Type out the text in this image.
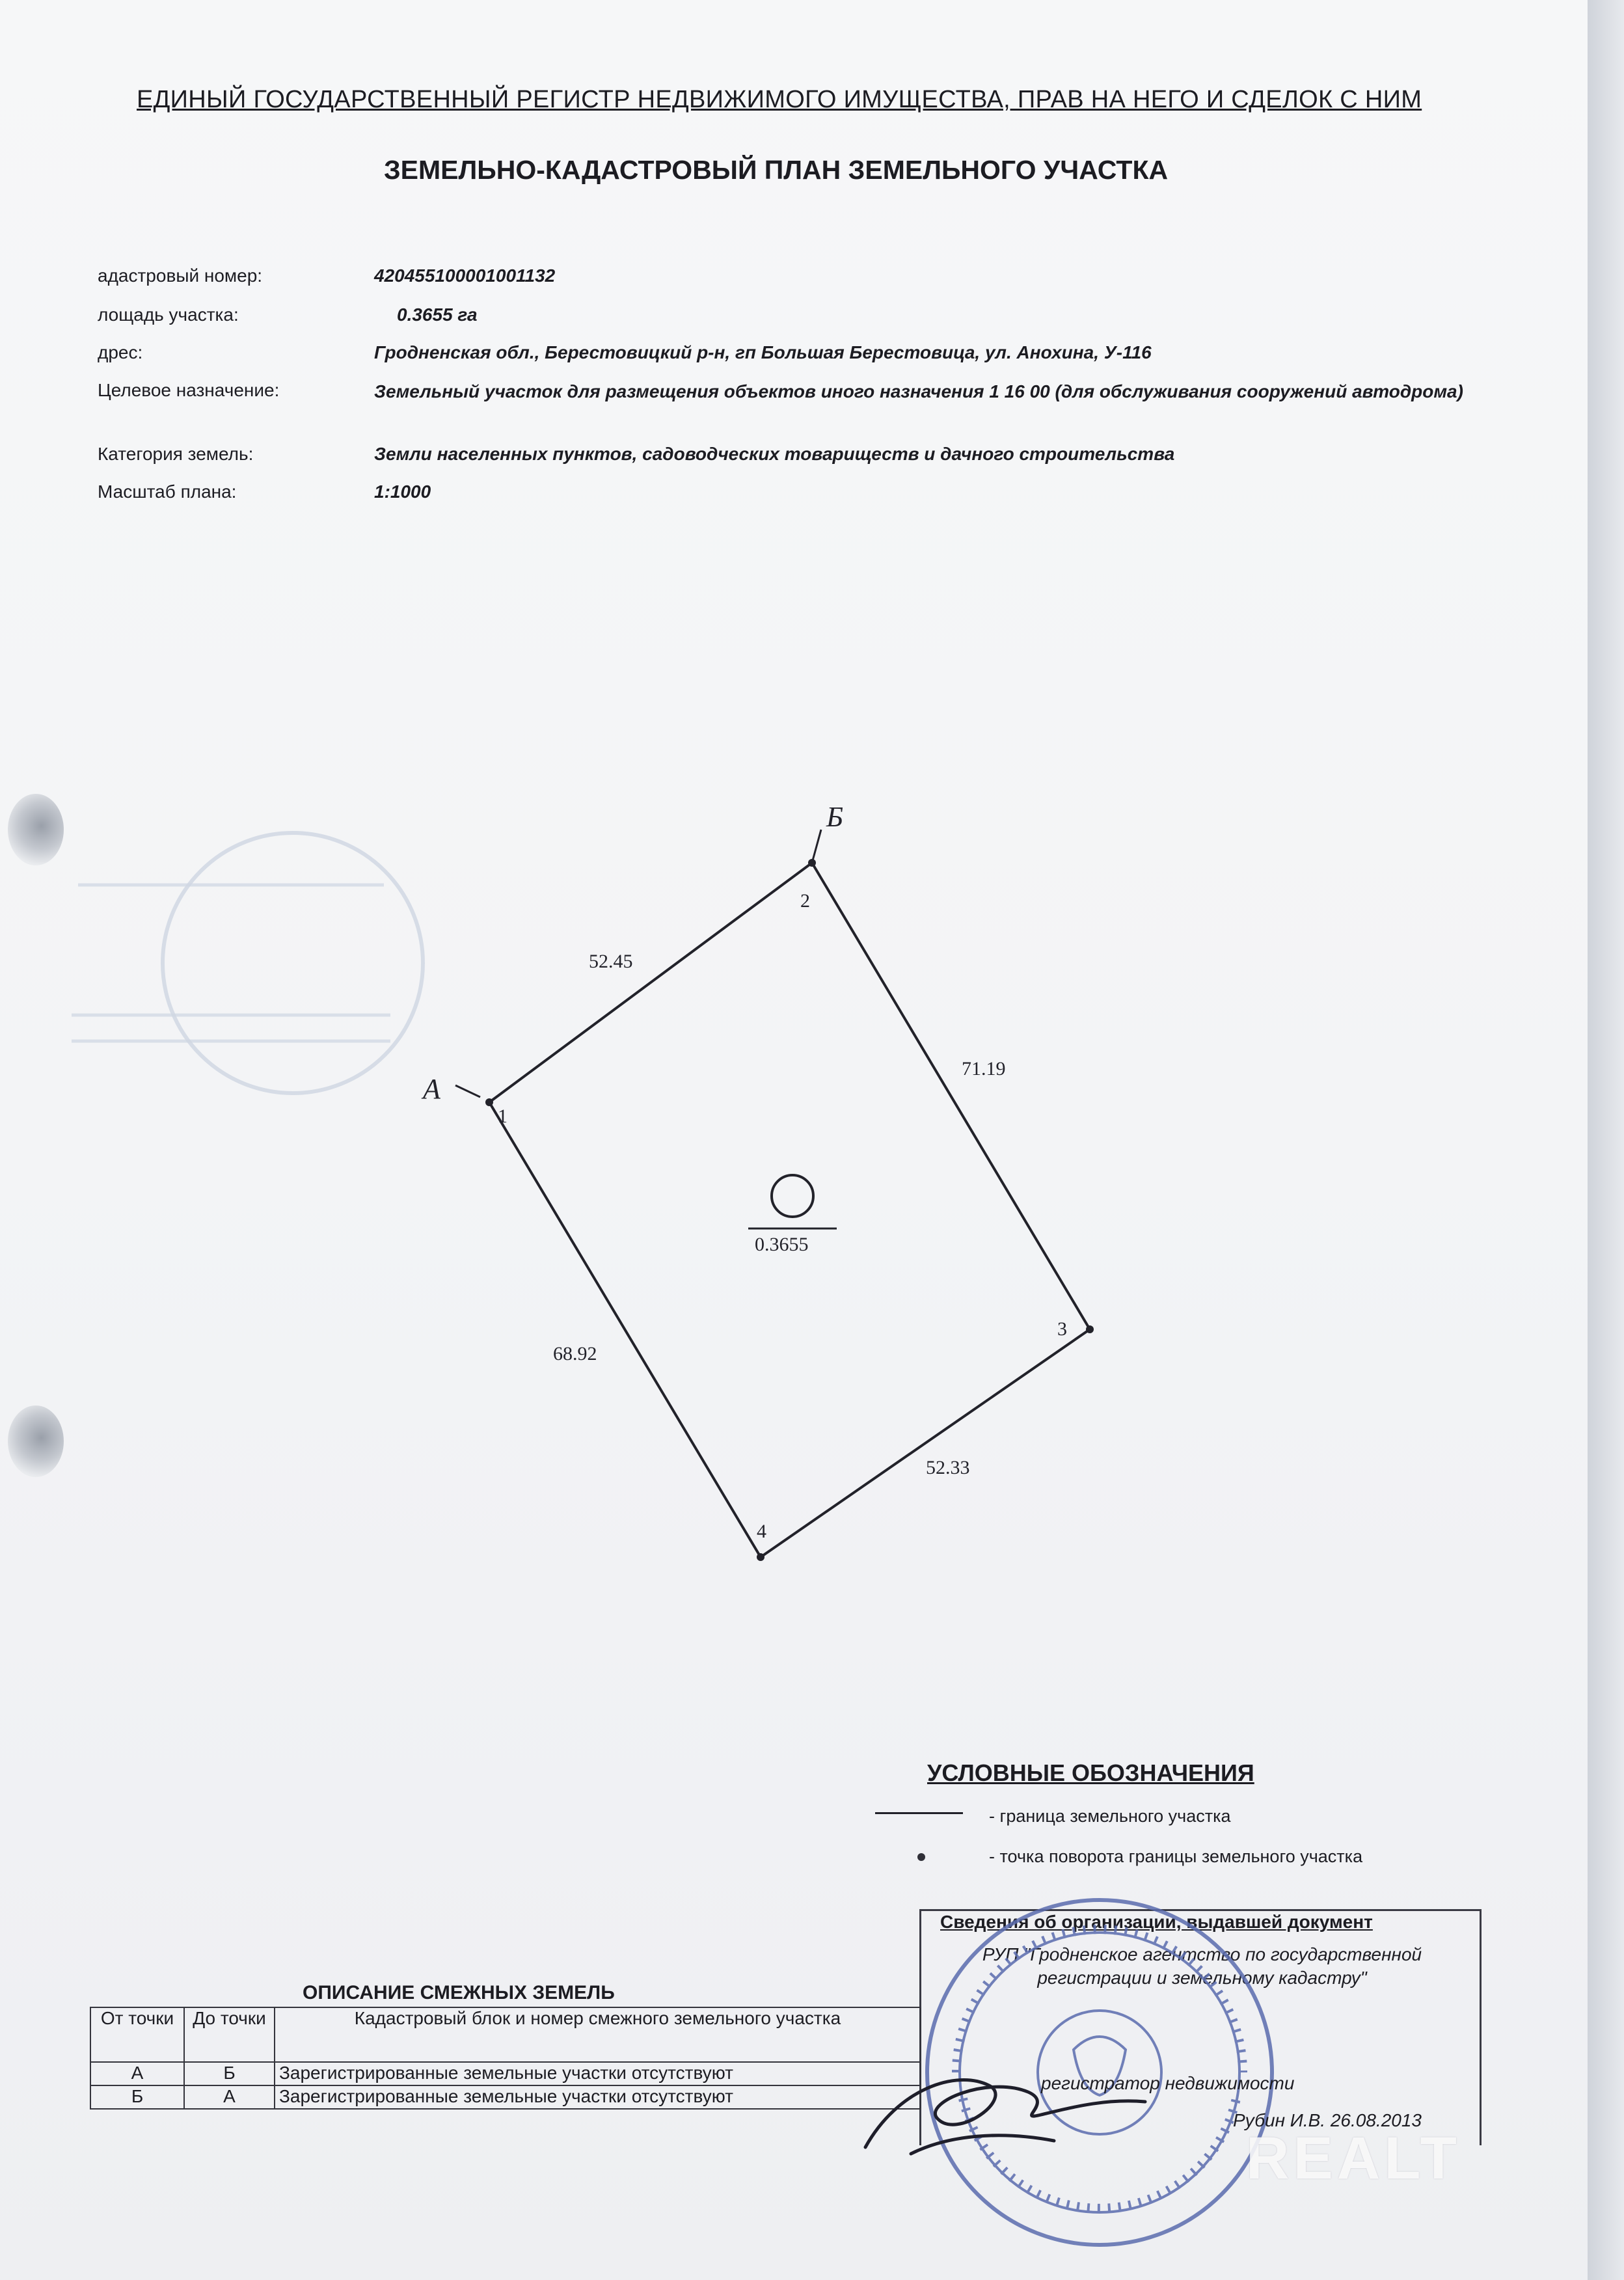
ЕДИНЫЙ ГОСУДАРСТВЕННЫЙ РЕГИСТР НЕДВИЖИМОГО ИМУЩЕСТВА, ПРАВ НА НЕГО И СДЕЛОК С НИМ
ЗЕМЕЛЬНО-КАДАСТРОВЫЙ ПЛАН ЗЕМЕЛЬНОГО УЧАСТКА
адастровый номер:	420455100001001132
лощадь участка:	0.3655 га
дрес:	Гродненская обл., Берестовицкий р-н, гп Большая Берестовица, ул. Анохина, У-116
Целевое назначение:	Земельный участок для размещения объектов иного назначения 1 16 00 (для обслуживания сооружений автодрома)
Категория земель:	Земли населенных пунктов, садоводческих товариществ и дачного строительства
Масштаб плана:	1:1000
0.3655
1
2
3
4
А
Б
52.45
71.19
52.33
68.92
УСЛОВНЫЕ ОБОЗНАЧЕНИЯ
- граница земельного участка
- точка поворота границы земельного участка
Сведения об организации, выдавшей документ
РУП "Гродненское агентство по государственной регистрации и земельному кадастру"
регистратор недвижимости
Рубин И.В. 26.08.2013
ОПИСАНИЕ СМЕЖНЫХ ЗЕМЕЛЬ
От точки	До точки	Кадастровый блок и номер смежного земельного участка
А	Б	Зарегистрированные земельные участки отсутствуют
Б	А	Зарегистрированные земельные участки отсутствуют
REALT
